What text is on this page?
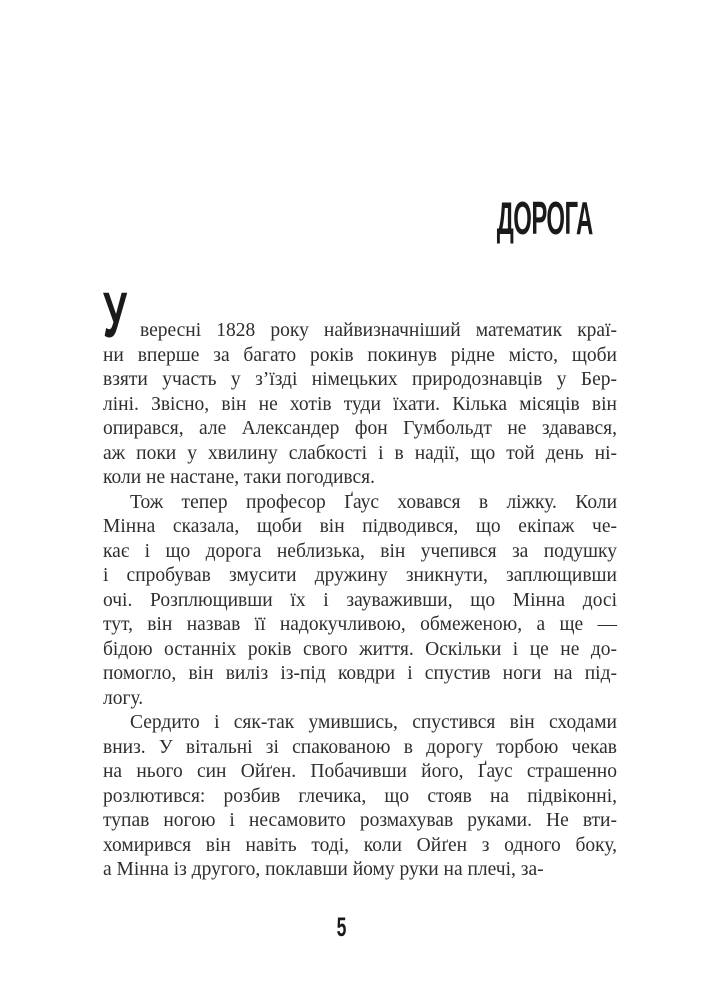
ДОРОГА
У вересні 1828 року найвизначніший математик краї-
ни вперше за багато років покинув рідне місто, щоби
взяти участь у з’їзді німецьких природознавців у Бер-
ліні. Звісно, він не хотів туди їхати. Кілька місяців він
опирався, але Александер фон Гумбольдт не здавався,
аж поки у хвилину слабкості і в надії, що той день ні-
коли не настане, таки погодився.
Тож тепер професор Ґаус ховався в ліжку. Коли
Мінна сказала, щоби він підводився, що екіпаж че-
кає і що дорога неблизька, він учепився за подушку
і спробував змусити дружину зникнути, заплющивши
очі. Розплющивши їх і зауваживши, що Мінна досі
тут, він назвав її надокучливою, обмеженою, а ще —
бідою останніх років свого життя. Оскільки і це не до-
помогло, він виліз із-під ковдри і спустив ноги на під-
логу.
Сердито і сяк-так умившись, спустився він сходами
вниз. У вітальні зі спакованою в дорогу торбою чекав
на нього син Ойґен. Побачивши його, Ґаус страшенно
розлютився: розбив глечика, що стояв на підвіконні,
тупав ногою і несамовито розмахував руками. Не вти-
хомирився він навіть тоді, коли Ойґен з одного боку,
а Мінна із другого, поклавши йому руки на плечі, за-
5
